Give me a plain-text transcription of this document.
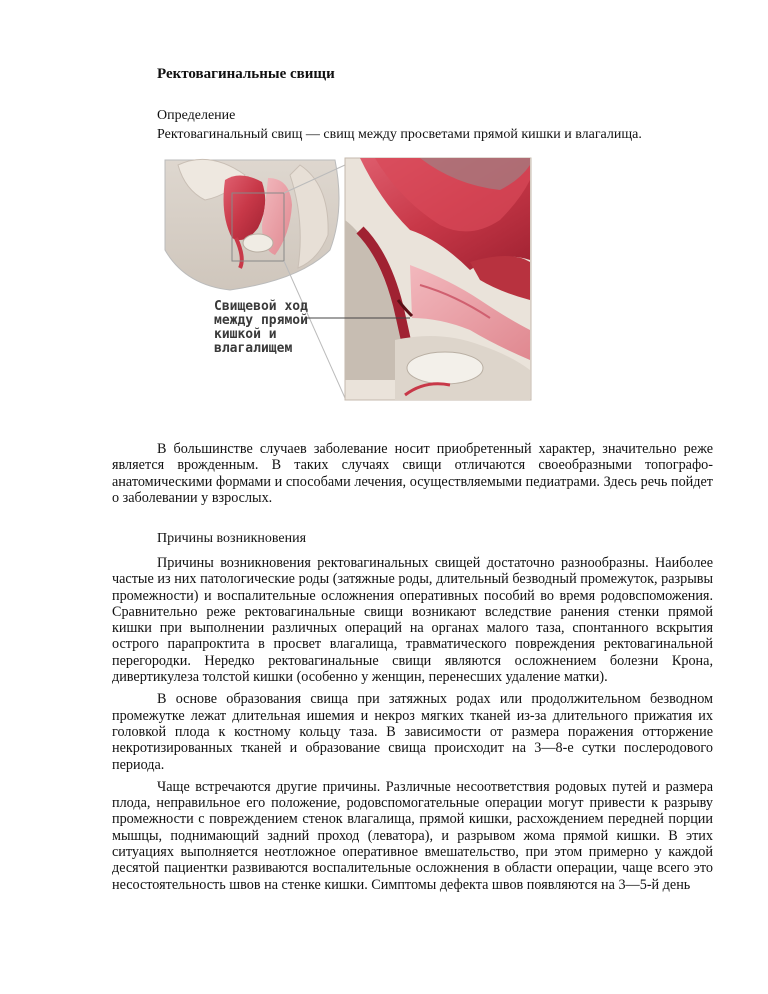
Ректовагинальные свищи
Определение
Ректовагинальный свищ — свищ между просветами прямой кишки и влагалища.
Свищевой ход
между прямой
кишкой и
влагалищем

В большинстве случаев заболевание носит приобретенный характер, значительно реже является врожденным. В таких случаях свищи отличаются своеобразными топографо-анатомическими формами и способами лечения, осуществляемыми педиатрами. Здесь речь пойдет о заболевании у взрослых.

Причины возникновения

Причины возникновения ректовагинальных свищей достаточно разнообразны. Наиболее частые из них патологические роды (затяжные роды, длительный безводный промежуток, разрывы промежности) и воспалительные осложнения оперативных пособий во время родовспоможения. Сравнительно реже ректовагинальные свищи возникают вследствие ранения стенки прямой кишки при выполнении различных операций на органах малого таза, спонтанного вскрытия острого парапроктита в просвет влагалища, травматического повреждения ректовагинальной перегородки. Нередко ректовагинальные свищи являются осложнением болезни Крона, дивертикулеза толстой кишки (особенно у женщин, перенесших удаление матки).

В основе образования свища при затяжных родах или продолжительном безводном промежутке лежат длительная ишемия и некроз мягких тканей из-за длительного прижатия их головкой плода к костному кольцу таза. В зависимости от размера поражения отторжение некротизированных тканей и образование свища происходит на 3—8-е сутки послеродового периода.

Чаще встречаются другие причины. Различные несоответствия родовых путей и размера плода, неправильное его положение, родовспомогательные операции могут привести к разрыву промежности с повреждением стенок влагалища, прямой кишки, расхождением передней порции мышцы, поднимающий задний проход (леватора), и разрывом жома прямой кишки. В этих ситуациях выполняется неотложное оперативное вмешательство, при этом примерно у каждой десятой пациентки развиваются воспалительные осложнения в области операции, чаще всего это несостоятельность швов на стенке кишки. Симптомы дефекта швов появляются на 3—5-й день
